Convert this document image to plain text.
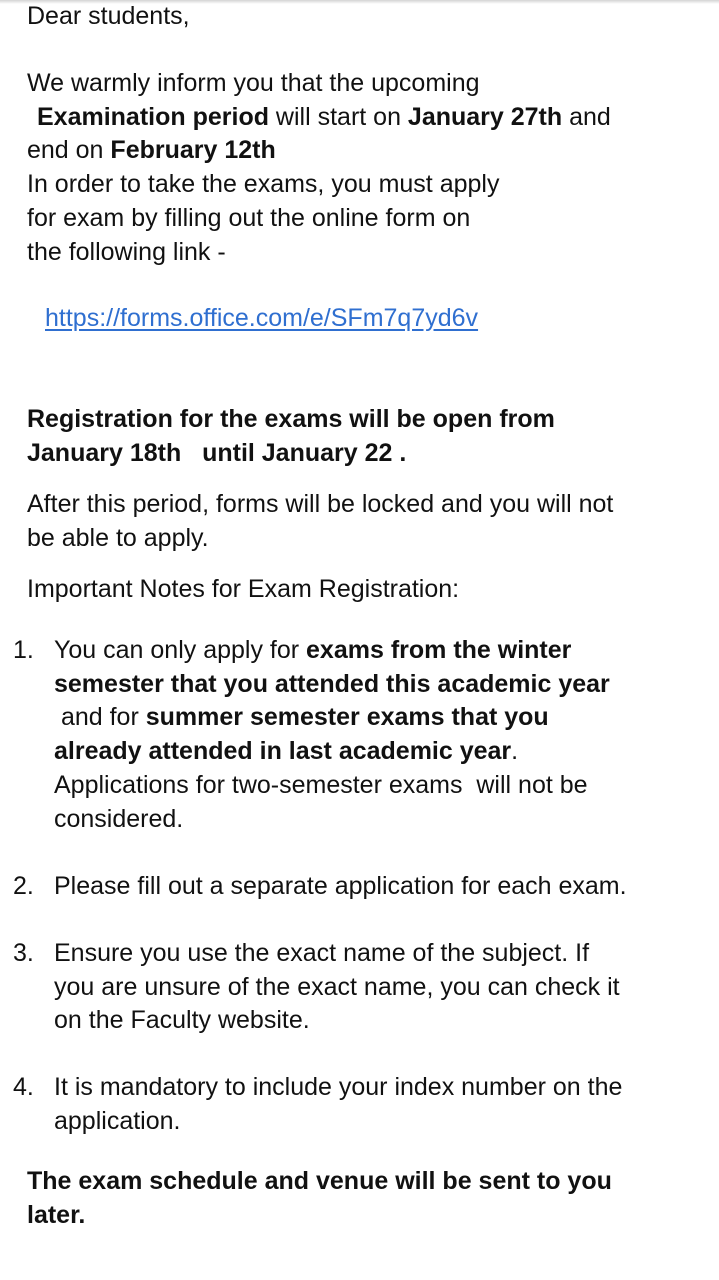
Dear students,
We warmly inform you that the upcoming
Examination period will start on January 27th and
end on February 12th
In order to take the exams, you must apply
for exam by filling out the online form on
the following link -
https://forms.office.com/e/SFm7q7yd6v
Registration for the exams will be open from
January 18th   until January 22 .
After this period, forms will be locked and you will not
be able to apply.
Important Notes for Exam Registration:
1. You can only apply for exams from the winter
semester that you attended this academic year
and for summer semester exams that you
already attended in last academic year.
Applications for two-semester exams  will not be
considered.
2. Please fill out a separate application for each exam.
3. Ensure you use the exact name of the subject. If
you are unsure of the exact name, you can check it
on the Faculty website.
4. It is mandatory to include your index number on the
application.
The exam schedule and venue will be sent to you
later.
